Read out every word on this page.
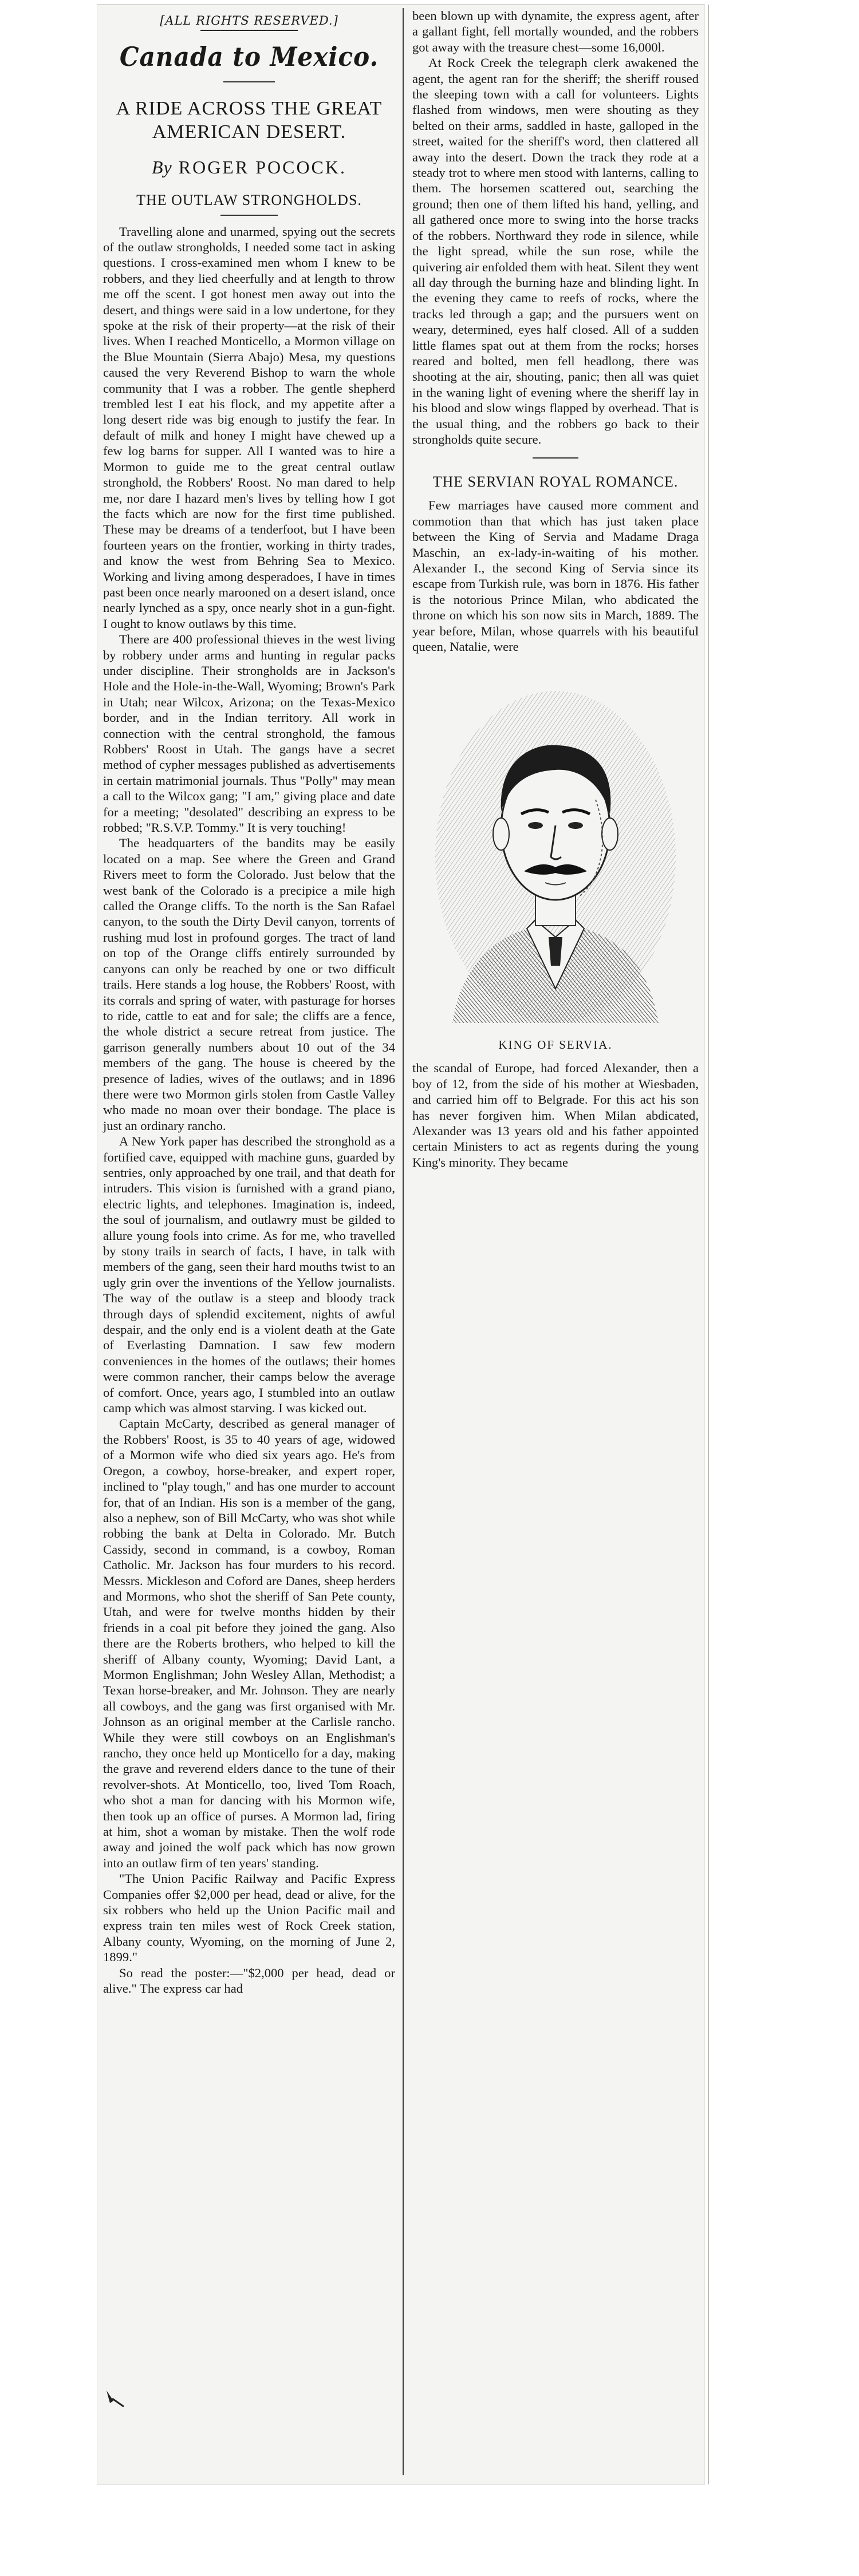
[ALL RIGHTS RESERVED.]
Canada to Mexico.
A RIDE ACROSS THE GREAT AMERICAN DESERT.
By ROGER POCOCK.
THE OUTLAW STRONGHOLDS.

Travelling alone and unarmed, spying out the secrets of the outlaw strongholds, I needed some tact in asking questions. I cross-examined men whom I knew to be robbers, and they lied cheerfully and at length to throw me off the scent. I got honest men away out into the desert, and things were said in a low undertone, for they spoke at the risk of their property—at the risk of their lives. When I reached Monticello, a Mormon village on the Blue Mountain (Sierra Abajo) Mesa, my questions caused the very Reverend Bishop to warn the whole community that I was a robber. The gentle shepherd trembled lest I eat his flock, and my appetite after a long desert ride was big enough to justify the fear. In default of milk and honey I might have chewed up a few log barns for supper. All I wanted was to hire a Mormon to guide me to the great central outlaw stronghold, the Robbers' Roost. No man dared to help me, nor dare I hazard men's lives by telling how I got the facts which are now for the first time published. These may be dreams of a tenderfoot, but I have been fourteen years on the frontier, working in thirty trades, and know the west from Behring Sea to Mexico. Working and living among desperadoes, I have in times past been once nearly marooned on a desert island, once nearly lynched as a spy, once nearly shot in a gun-fight. I ought to know outlaws by this time.

There are 400 professional thieves in the west living by robbery under arms and hunting in regular packs under discipline. Their strongholds are in Jackson's Hole and the Hole-in-the-Wall, Wyoming; Brown's Park in Utah; near Wilcox, Arizona; on the Texas-Mexico border, and in the Indian territory. All work in connection with the central stronghold, the famous Robbers' Roost in Utah. The gangs have a secret method of cypher messages published as advertisements in certain matrimonial journals. Thus "Polly" may mean a call to the Wilcox gang; "I am," giving place and date for a meeting; "desolated" describing an express to be robbed; "R.S.V.P. Tommy." It is very touching!

The headquarters of the bandits may be easily located on a map. See where the Green and Grand Rivers meet to form the Colorado. Just below that the west bank of the Colorado is a precipice a mile high called the Orange cliffs. To the north is the San Rafael canyon, to the south the Dirty Devil canyon, torrents of rushing mud lost in profound gorges. The tract of land on top of the Orange cliffs entirely surrounded by canyons can only be reached by one or two difficult trails. Here stands a log house, the Robbers' Roost, with its corrals and spring of water, with pasturage for horses to ride, cattle to eat and for sale; the cliffs are a fence, the whole district a secure retreat from justice. The garrison generally numbers about 10 out of the 34 members of the gang. The house is cheered by the presence of ladies, wives of the outlaws; and in 1896 there were two Mormon girls stolen from Castle Valley who made no moan over their bondage. The place is just an ordinary rancho.

A New York paper has described the stronghold as a fortified cave, equipped with machine guns, guarded by sentries, only approached by one trail, and that death for intruders. This vision is furnished with a grand piano, electric lights, and telephones. Imagination is, indeed, the soul of journalism, and outlawry must be gilded to allure young fools into crime. As for me, who travelled by stony trails in search of facts, I have, in talk with members of the gang, seen their hard mouths twist to an ugly grin over the inventions of the Yellow journalists. The way of the outlaw is a steep and bloody track through days of splendid excitement, nights of awful despair, and the only end is a violent death at the Gate of Everlasting Damnation. I saw few modern conveniences in the homes of the outlaws; their homes were common rancher, their camps below the average of comfort. Once, years ago, I stumbled into an outlaw camp which was almost starving. I was kicked out.

Captain McCarty, described as general manager of the Robbers' Roost, is 35 to 40 years of age, widowed of a Mormon wife who died six years ago. He's from Oregon, a cowboy, horse-breaker, and expert roper, inclined to "play tough," and has one murder to account for, that of an Indian. His son is a member of the gang, also a nephew, son of Bill McCarty, who was shot while robbing the bank at Delta in Colorado. Mr. Butch Cassidy, second in command, is a cowboy, Roman Catholic. Mr. Jackson has four murders to his record. Messrs. Mickleson and Coford are Danes, sheep herders and Mormons, who shot the sheriff of San Pete county, Utah, and were for twelve months hidden by their friends in a coal pit before they joined the gang. Also there are the Roberts brothers, who helped to kill the sheriff of Albany county, Wyoming; David Lant, a Mormon Englishman; John Wesley Allan, Methodist; a Texan horse-breaker, and Mr. Johnson. They are nearly all cowboys, and the gang was first organised with Mr. Johnson as an original member at the Carlisle rancho. While they were still cowboys on an Englishman's rancho, they once held up Monticello for a day, making the grave and reverend elders dance to the tune of their revolver-shots. At Monticello, too, lived Tom Roach, who shot a man for dancing with his Mormon wife, then took up an office of purses. A Mormon lad, firing at him, shot a woman by mistake. Then the wolf rode away and joined the wolf pack which has now grown into an outlaw firm of ten years' standing.

"The Union Pacific Railway and Pacific Express Companies offer $2,000 per head, dead or alive, for the six robbers who held up the Union Pacific mail and express train ten miles west of Rock Creek station, Albany county, Wyoming, on the morning of June 2, 1899."

So read the poster:—"$2,000 per head, dead or alive." The express car had

been blown up with dynamite, the express agent, after a gallant fight, fell mortally wounded, and the robbers got away with the treasure chest—some 16,000l.

At Rock Creek the telegraph clerk awakened the agent, the agent ran for the sheriff; the sheriff roused the sleeping town with a call for volunteers. Lights flashed from windows, men were shouting as they belted on their arms, saddled in haste, galloped in the street, waited for the sheriff's word, then clattered all away into the desert. Down the track they rode at a steady trot to where men stood with lanterns, calling to them. The horsemen scattered out, searching the ground; then one of them lifted his hand, yelling, and all gathered once more to swing into the horse tracks of the robbers. Northward they rode in silence, while the light spread, while the sun rose, while the quivering air enfolded them with heat. Silent they went all day through the burning haze and blinding light. In the evening they came to reefs of rocks, where the tracks led through a gap; and the pursuers went on weary, determined, eyes half closed. All of a sudden little flames spat out at them from the rocks; horses reared and bolted, men fell headlong, there was shooting at the air, shouting, panic; then all was quiet in the waning light of evening where the sheriff lay in his blood and slow wings flapped by overhead. That is the usual thing, and the robbers go back to their strongholds quite secure.

THE SERVIAN ROYAL ROMANCE.

Few marriages have caused more comment and commotion than that which has just taken place between the King of Servia and Madame Draga Maschin, an ex-lady-in-waiting of his mother. Alexander I., the second King of Servia since its escape from Turkish rule, was born in 1876. His father is the notorious Prince Milan, who abdicated the throne on which his son now sits in March, 1889. The year before, Milan, whose quarrels with his beautiful queen, Natalie, were

KING OF SERVIA.

the scandal of Europe, had forced Alexander, then a boy of 12, from the side of his mother at Wiesbaden, and carried him off to Belgrade. For this act his son has never forgiven him. When Milan abdicated, Alexander was 13 years old and his father appointed certain Ministers to act as regents during the young King's minority. They became
